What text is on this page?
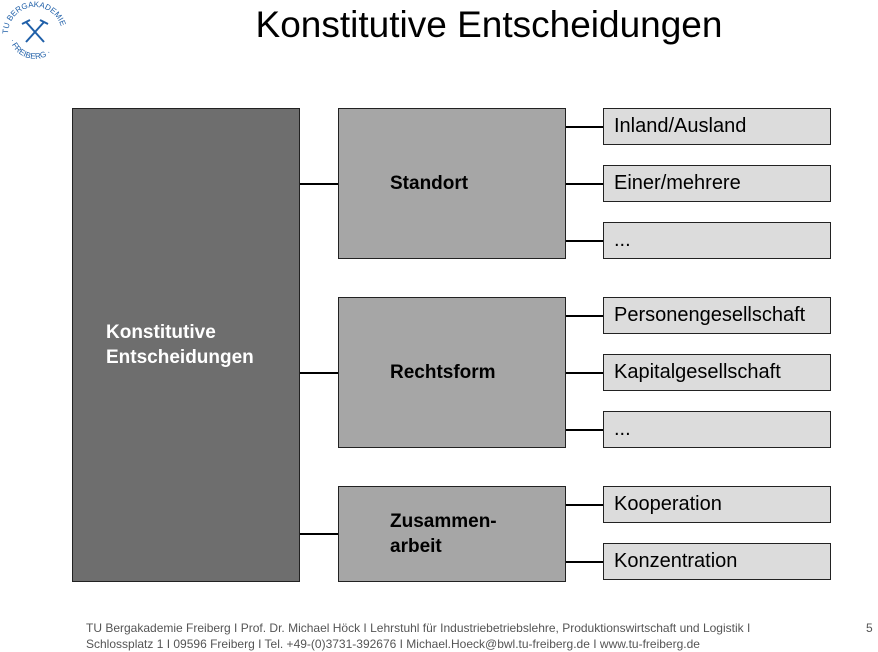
TU BERGAKADEMIE
· FREIBERG ·
Konstitutive Entscheidungen
Konstitutive
Entscheidungen
Standort
Inland/Ausland
Einer/mehrere
...
Rechtsform
Personengesellschaft
Kapitalgesellschaft
...
Zusammen-
arbeit
Kooperation
Konzentration
TU Bergakademie Freiberg I Prof. Dr. Michael Höck I Lehrstuhl für Industriebetriebslehre, Produktionswirtschaft und Logistik I
Schlossplatz 1 I 09596 Freiberg I Tel. +49-(0)3731-392676 I Michael.Hoeck@bwl.tu-freiberg.de I www.tu-freiberg.de
5
